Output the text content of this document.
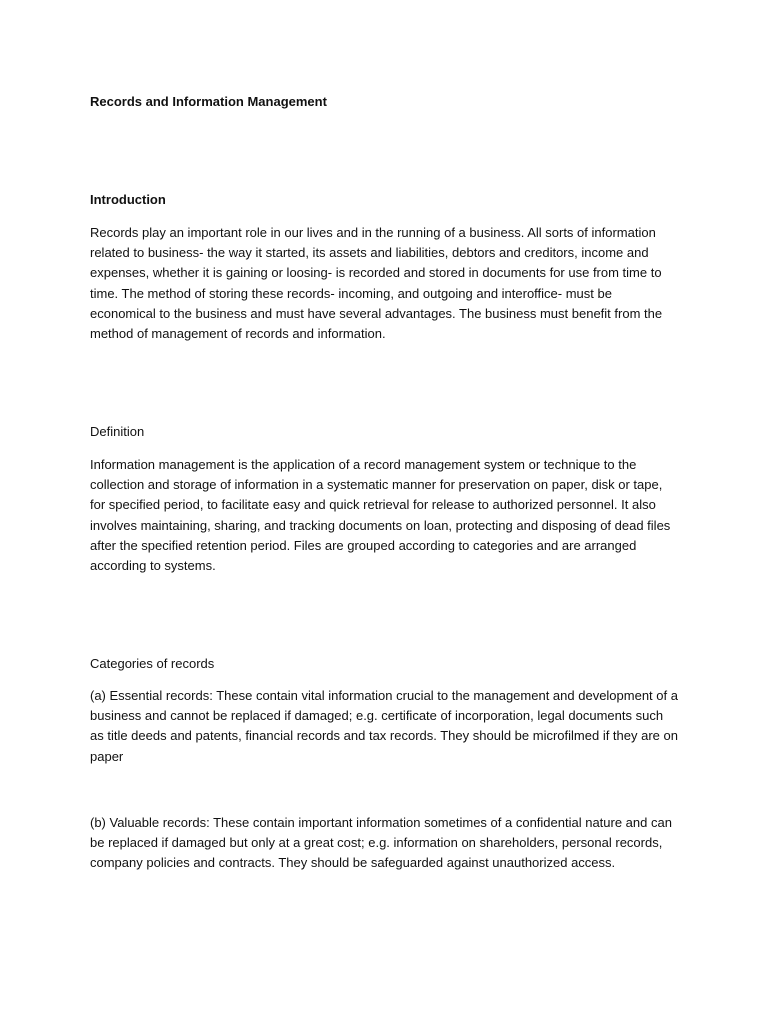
Records and Information Management

Introduction

Records play an important role in our lives and in the running of a business. All sorts of information related to business- the way it started, its assets and liabilities, debtors and creditors, income and expenses, whether it is gaining or loosing- is recorded and stored in documents for use from time to time. The method of storing these records- incoming, and outgoing and interoffice- must be economical to the business and must have several advantages. The business must benefit from the method of management of records and information.

Definition

Information management is the application of a record management system or technique to the collection and storage of information in a systematic manner for preservation on paper, disk or tape, for specified period, to facilitate easy and quick retrieval for release to authorized personnel. It also involves maintaining, sharing, and tracking documents on loan, protecting and disposing of dead files after the specified retention period. Files are grouped according to categories and are arranged according to systems.

Categories of records

(a) Essential records: These contain vital information crucial to the management and development of a business and cannot be replaced if damaged; e.g. certificate of incorporation, legal documents such as title deeds and patents, financial records and tax records. They should be microfilmed if they are on paper

(b) Valuable records: These contain important information sometimes of a confidential nature and can be replaced if damaged but only at a great cost; e.g. information on shareholders, personal records, company policies and contracts. They should be safeguarded against unauthorized access.
